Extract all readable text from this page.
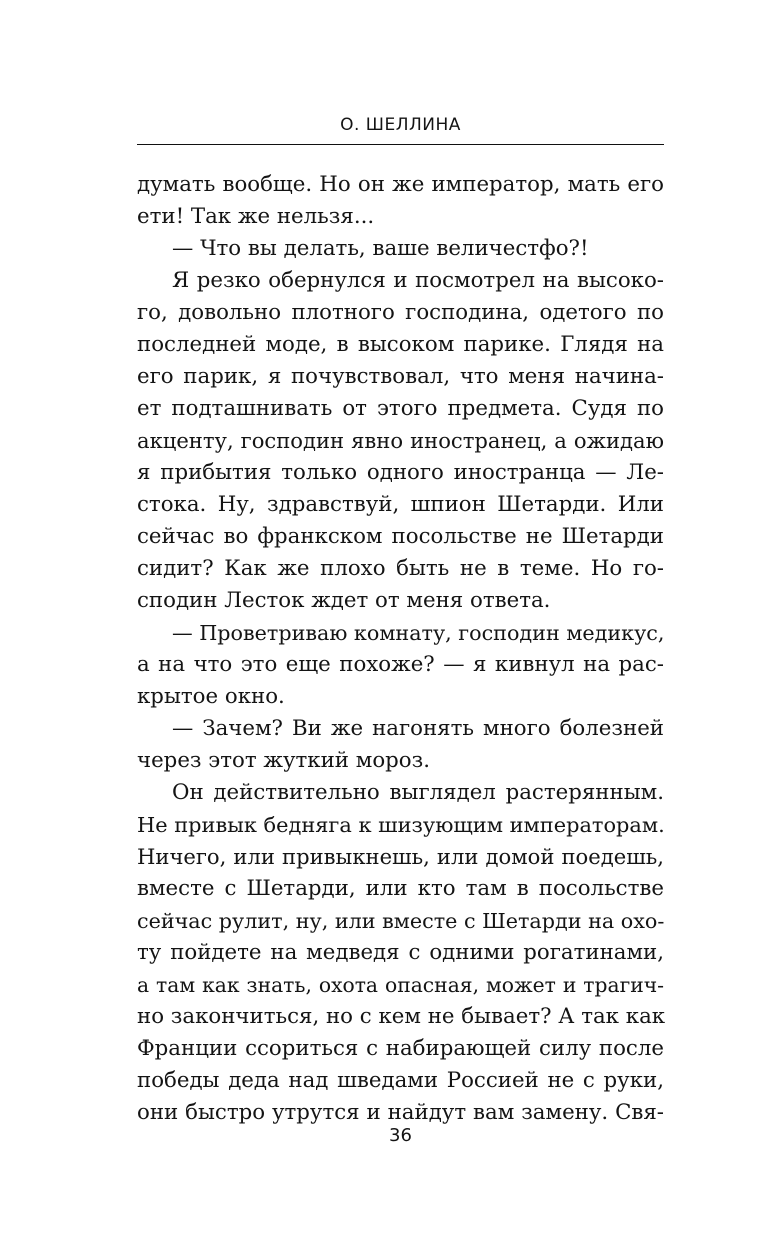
О. ШЕЛЛИНА
думать вообще. Но он же император, мать его
ети! Так же нельзя...
— Что вы делать, ваше величестфо?!
Я резко обернулся и посмотрел на высоко-
го, довольно плотного господина, одетого по
последней моде, в высоком парике. Глядя на
его парик, я почувствовал, что меня начина-
ет подташнивать от этого предмета. Судя по
акценту, господин явно иностранец, а ожидаю
я прибытия только одного иностранца — Ле-
стока. Ну, здравствуй, шпион Шетарди. Или
сейчас во франкском посольстве не Шетарди
сидит? Как же плохо быть не в теме. Но го-
сподин Лесток ждет от меня ответа.
— Проветриваю комнату, господин медикус,
а на что это еще похоже? — я кивнул на рас-
крытое окно.
— Зачем? Ви же нагонять много болезней
через этот жуткий мороз.
Он действительно выглядел растерянным.
Не привык бедняга к шизующим императорам.
Ничего, или привыкнешь, или домой поедешь,
вместе с Шетарди, или кто там в посольстве
сейчас рулит, ну, или вместе с Шетарди на охо-
ту пойдете на медведя с одними рогатинами,
а там как знать, охота опасная, может и трагич-
но закончиться, но с кем не бывает? А так как
Франции ссориться с набирающей силу после
победы деда над шведами Россией не с руки,
они быстро утрутся и найдут вам замену. Свя-
36
